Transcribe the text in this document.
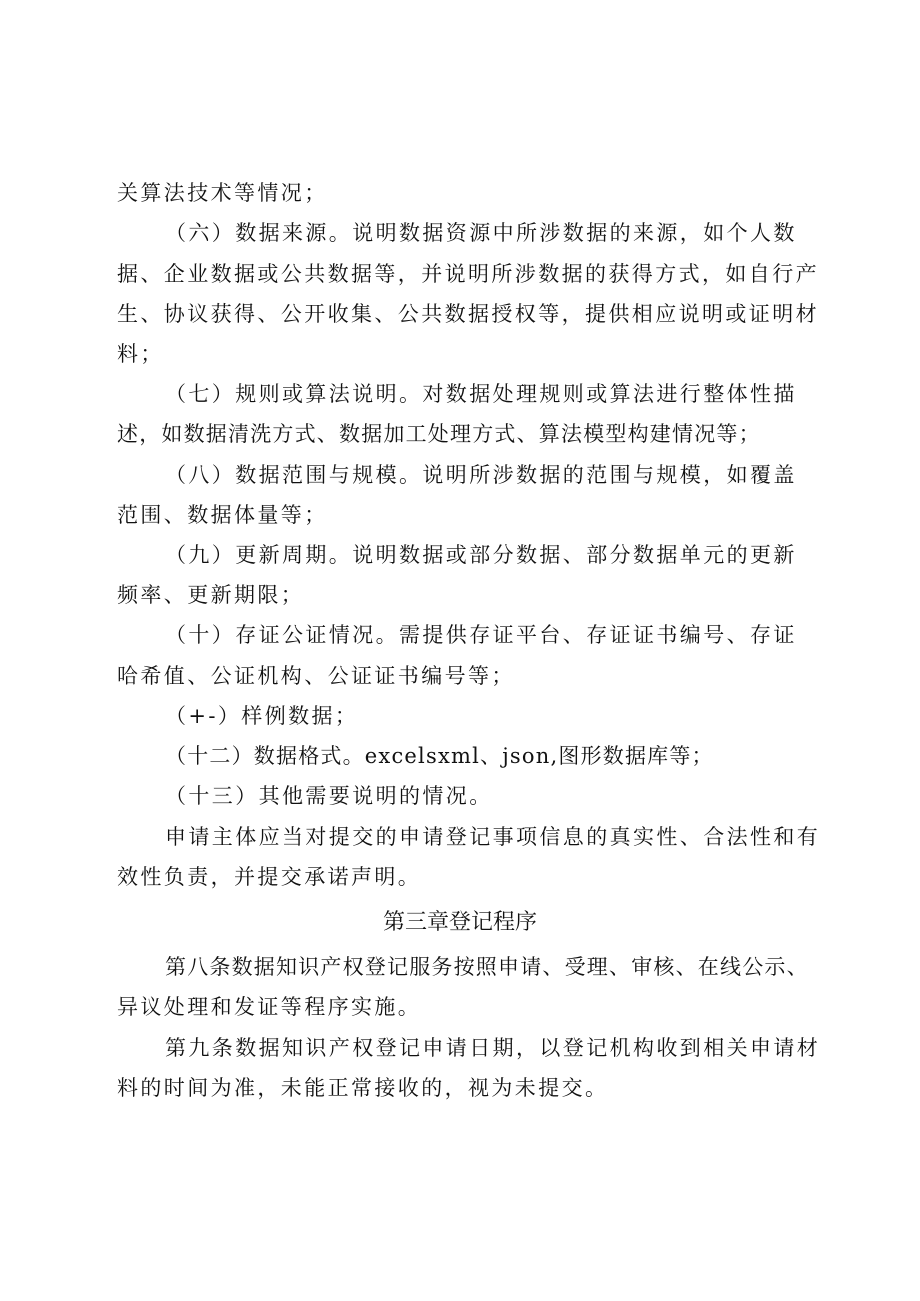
关算法技术等情况；
（六）数据来源。说明数据资源中所涉数据的来源，如个人数
据、企业数据或公共数据等，并说明所涉数据的获得方式，如自行产
生、协议获得、公开收集、公共数据授权等，提供相应说明或证明材
料；
（七）规则或算法说明。对数据处理规则或算法进行整体性描
述，如数据清洗方式、数据加工处理方式、算法模型构建情况等；
（八）数据范围与规模。说明所涉数据的范围与规模，如覆盖
范围、数据体量等；
（九）更新周期。说明数据或部分数据、部分数据单元的更新
频率、更新期限；
（十）存证公证情况。需提供存证平台、存证证书编号、存证
哈希值、公证机构、公证证书编号等；
（+-）样例数据；
（十二）数据格式。excelsxml、json,图形数据库等；
（十三）其他需要说明的情况。
申请主体应当对提交的申请登记事项信息的真实性、合法性和有
效性负责，并提交承诺声明。
第三章登记程序
第八条数据知识产权登记服务按照申请、受理、审核、在线公示、
异议处理和发证等程序实施。
第九条数据知识产权登记申请日期，以登记机构收到相关申请材
料的时间为准，未能正常接收的，视为未提交。
